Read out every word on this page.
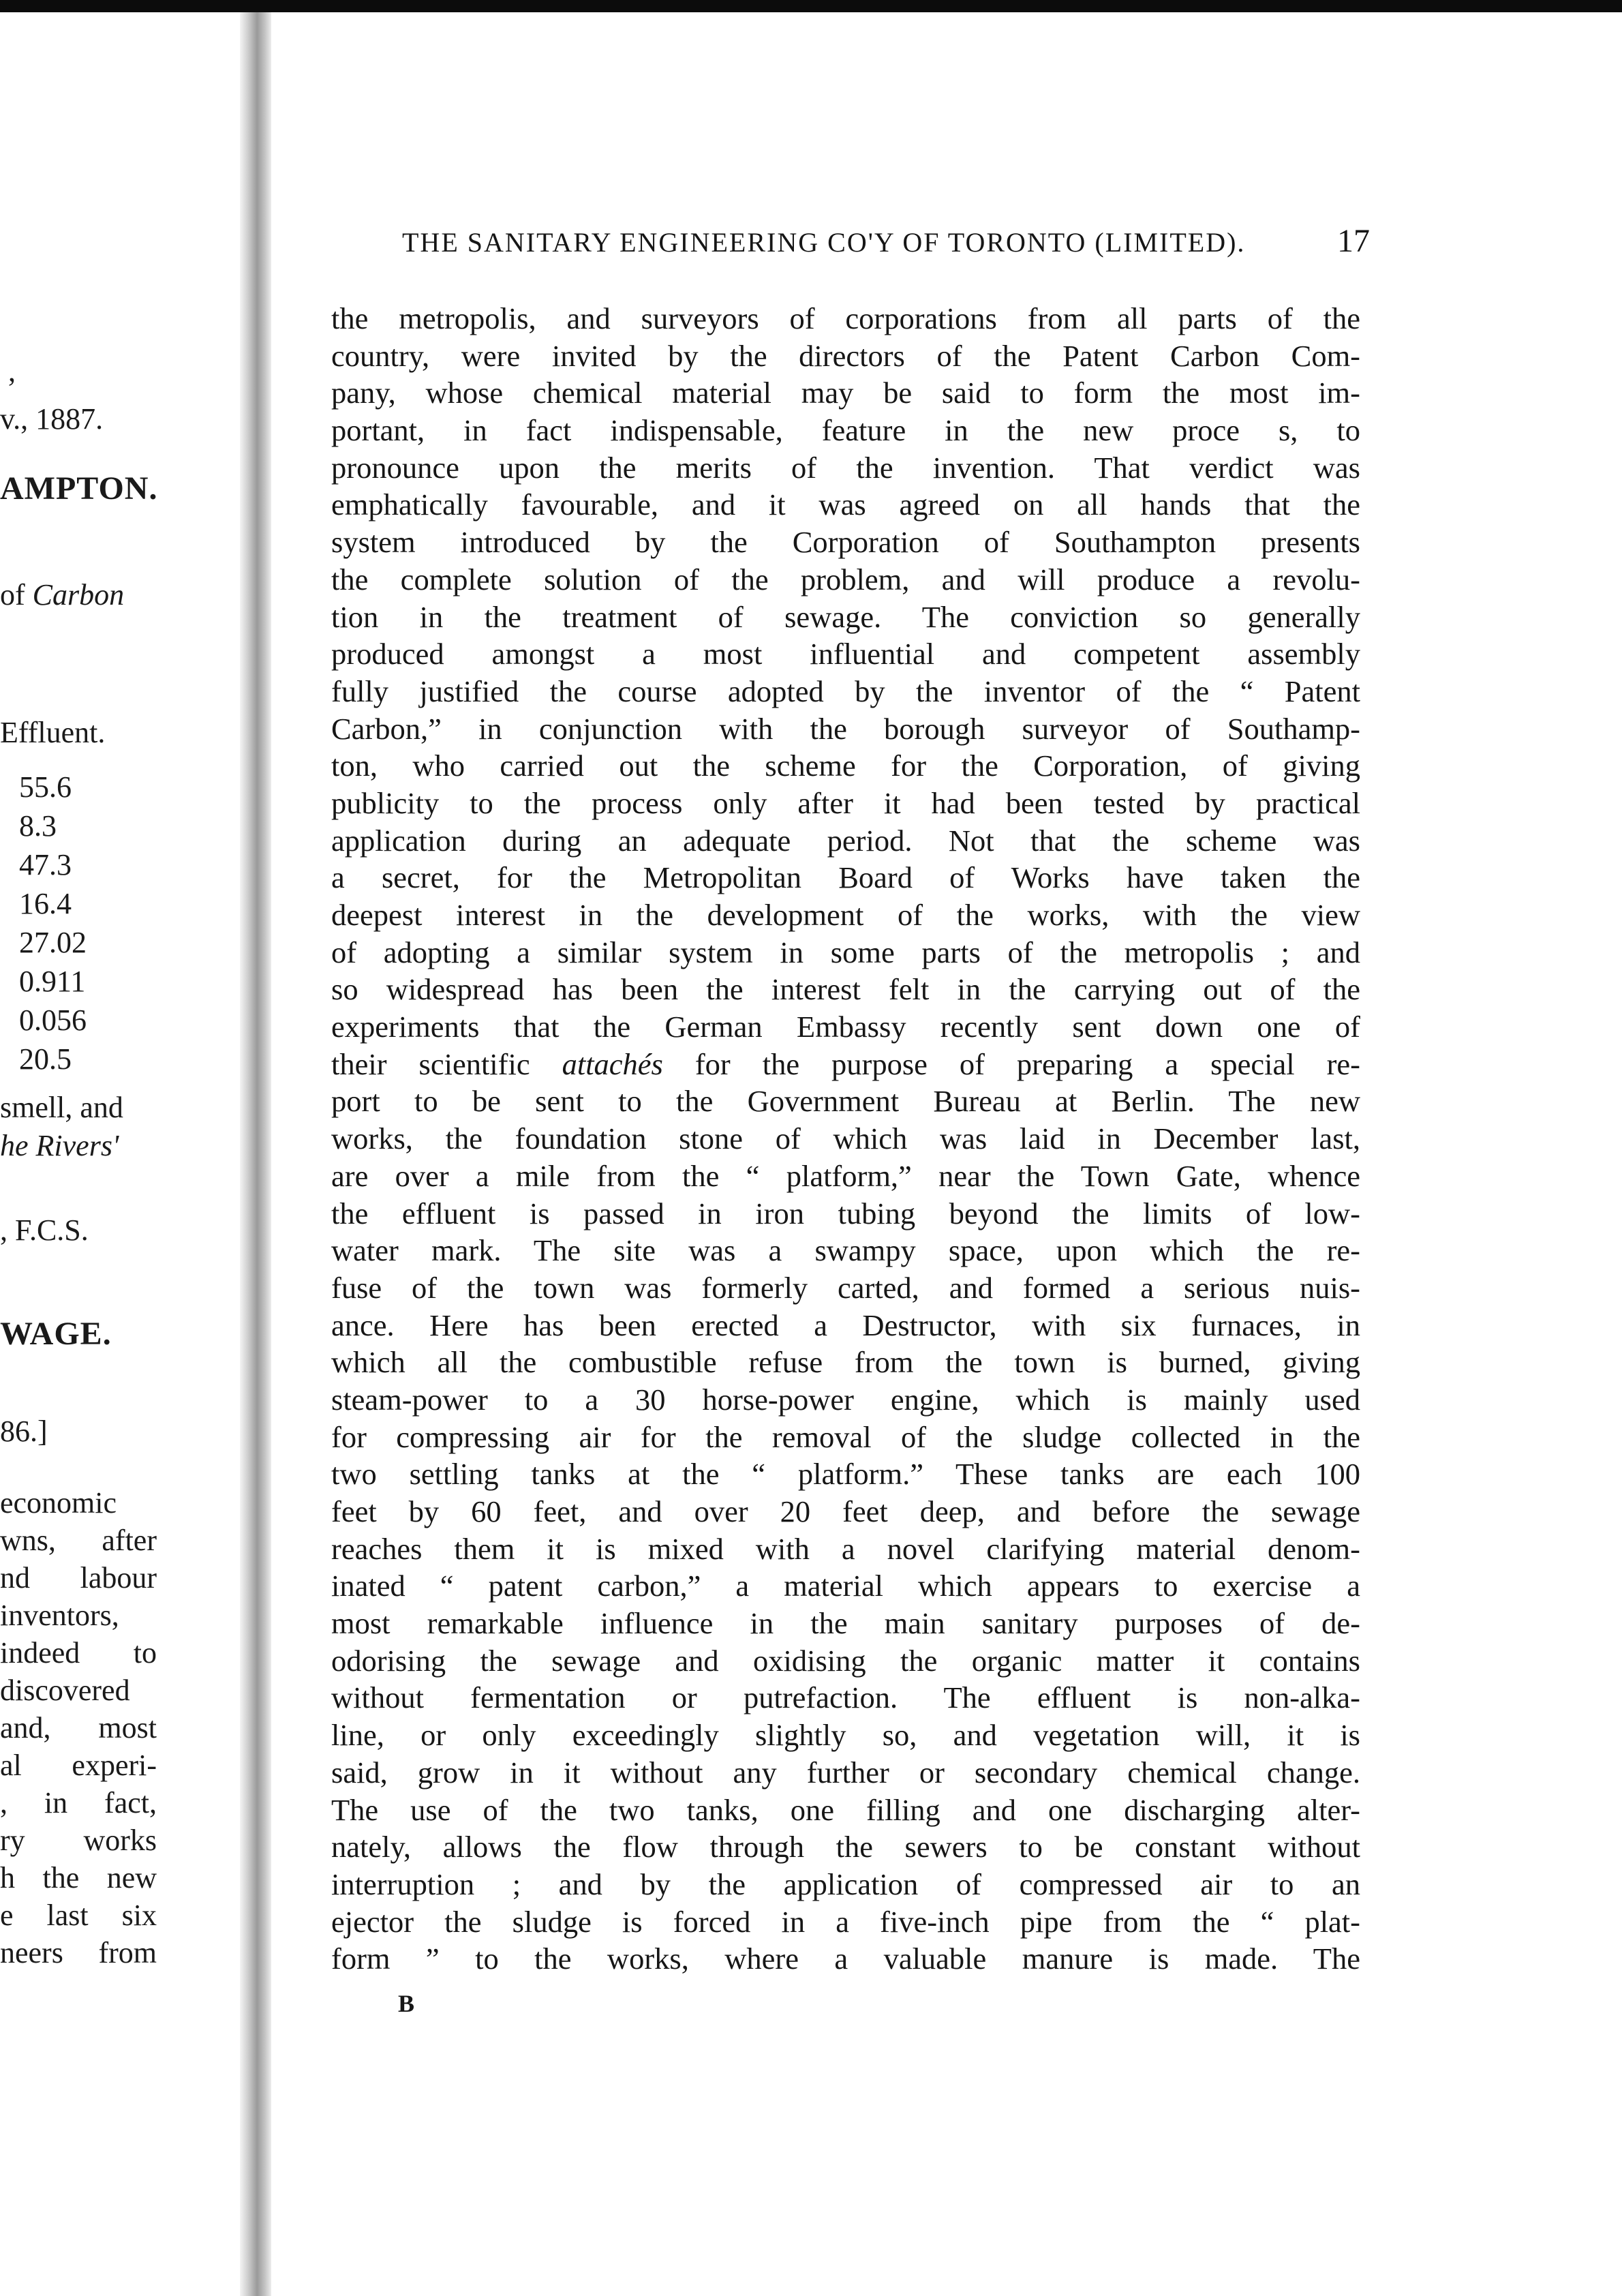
,
v., 1887.
AMPTON.
of Carbon
Effluent.
55.6
8.3
47.3
16.4
27.02
0.911
0.056
20.5
smell, and
he Rivers'
, F.C.S.
WAGE.
86.]
economic
wns, after
nd labour
inventors,
indeed to
discovered
and, most
al experi-
, in fact,
ry works
h the new
e last six
neers from
THE SANITARY ENGINEERING CO'Y OF TORONTO (LIMITED).	17
the metropolis, and surveyors of corporations from all parts of the
country, were invited by the directors of the Patent Carbon Com-
pany, whose chemical material may be said to form the most im-
portant, in fact indispensable, feature in the new proce s, to
pronounce upon the merits of the invention. That verdict was
emphatically favourable, and it was agreed on all hands that the
system introduced by the Corporation of Southampton presents
the complete solution of the problem, and will produce a revolu-
tion in the treatment of sewage. The conviction so generally
produced amongst a most influential and competent assembly
fully justified the course adopted by the inventor of the “ Patent
Carbon,” in conjunction with the borough surveyor of Southamp-
ton, who carried out the scheme for the Corporation, of giving
publicity to the process only after it had been tested by practical
application during an adequate period. Not that the scheme was
a secret, for the Metropolitan Board of Works have taken the
deepest interest in the development of the works, with the view
of adopting a similar system in some parts of the metropolis ; and
so widespread has been the interest felt in the carrying out of the
experiments that the German Embassy recently sent down one of
their scientific attachés for the purpose of preparing a special re-
port to be sent to the Government Bureau at Berlin. The new
works, the foundation stone of which was laid in December last,
are over a mile from the “ platform,” near the Town Gate, whence
the effluent is passed in iron tubing beyond the limits of low-
water mark. The site was a swampy space, upon which the re-
fuse of the town was formerly carted, and formed a serious nuis-
ance. Here has been erected a Destructor, with six furnaces, in
which all the combustible refuse from the town is burned, giving
steam-power to a 30 horse-power engine, which is mainly used
for compressing air for the removal of the sludge collected in the
two settling tanks at the “ platform.” These tanks are each 100
feet by 60 feet, and over 20 feet deep, and before the sewage
reaches them it is mixed with a novel clarifying material denom-
inated “ patent carbon,” a material which appears to exercise a
most remarkable influence in the main sanitary purposes of de-
odorising the sewage and oxidising the organic matter it contains
without fermentation or putrefaction. The effluent is non-alka-
line, or only exceedingly slightly so, and vegetation will, it is
said, grow in it without any further or secondary chemical change.
The use of the two tanks, one filling and one discharging alter-
nately, allows the flow through the sewers to be constant without
interruption ; and by the application of compressed air to an
ejector the sludge is forced in a five-inch pipe from the “ plat-
form ” to the works, where a valuable manure is made. The
B
